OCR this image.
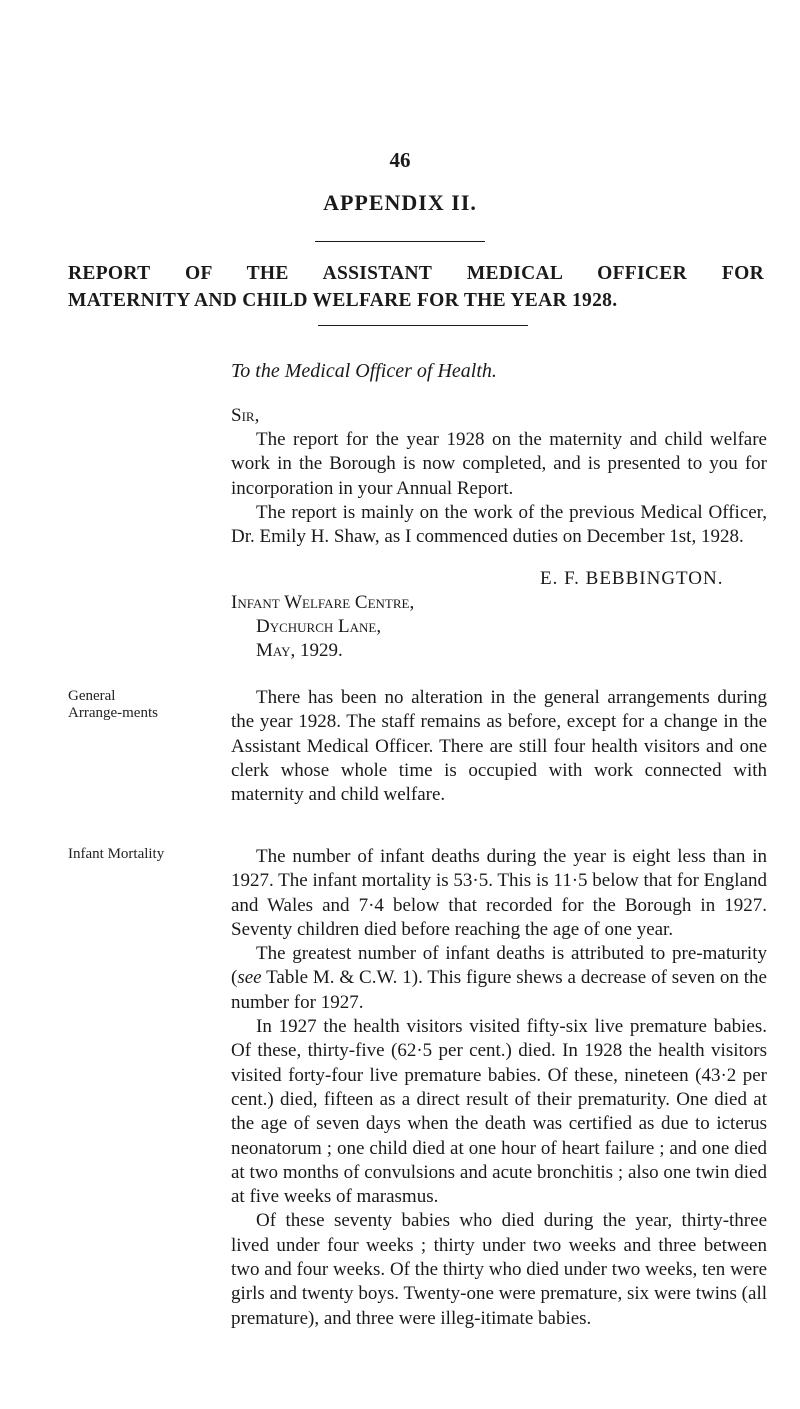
46
APPENDIX II.
REPORT OF THE ASSISTANT MEDICAL OFFICER FOR
MATERNITY AND CHILD WELFARE FOR THE YEAR 1928.
To the Medical Officer of Health.
Sir,

The report for the year 1928 on the maternity and child welfare work in the Borough is now completed, and is presented to you for incorporation in your Annual Report.

The report is mainly on the work of the previous Medical Officer, Dr. Emily H. Shaw, as I commenced duties on December 1st, 1928.

E. F. BEBBINGTON.
Infant Welfare Centre,
Dychurch Lane,
May, 1929.
General Arrange-ments

There has been no alteration in the general arrangements during the year 1928. The staff remains as before, except for a change in the Assistant Medical Officer. There are still four health visitors and one clerk whose whole time is occupied with work connected with maternity and child welfare.

Infant Mortality	The number of infant deaths during the year is eight less than in 1927. The infant mortality is 53·5. This is 11·5 below that for England and Wales and 7·4 below that recorded for the Borough in 1927. Seventy children died before reaching the age of one year.

The greatest number of infant deaths is attributed to pre-maturity (see Table M. & C.W. 1). This figure shews a decrease of seven on the number for 1927.

In 1927 the health visitors visited fifty-six live premature babies. Of these, thirty-five (62·5 per cent.) died. In 1928 the health visitors visited forty-four live premature babies. Of these, nineteen (43·2 per cent.) died, fifteen as a direct result of their prematurity. One died at the age of seven days when the death was certified as due to icterus neonatorum ; one child died at one hour of heart failure ; and one died at two months of convulsions and acute bronchitis ; also one twin died at five weeks of marasmus.

Of these seventy babies who died during the year, thirty-three lived under four weeks ; thirty under two weeks and three between two and four weeks. Of the thirty who died under two weeks, ten were girls and twenty boys. Twenty-one were premature, six were twins (all premature), and three were illeg-itimate babies.
